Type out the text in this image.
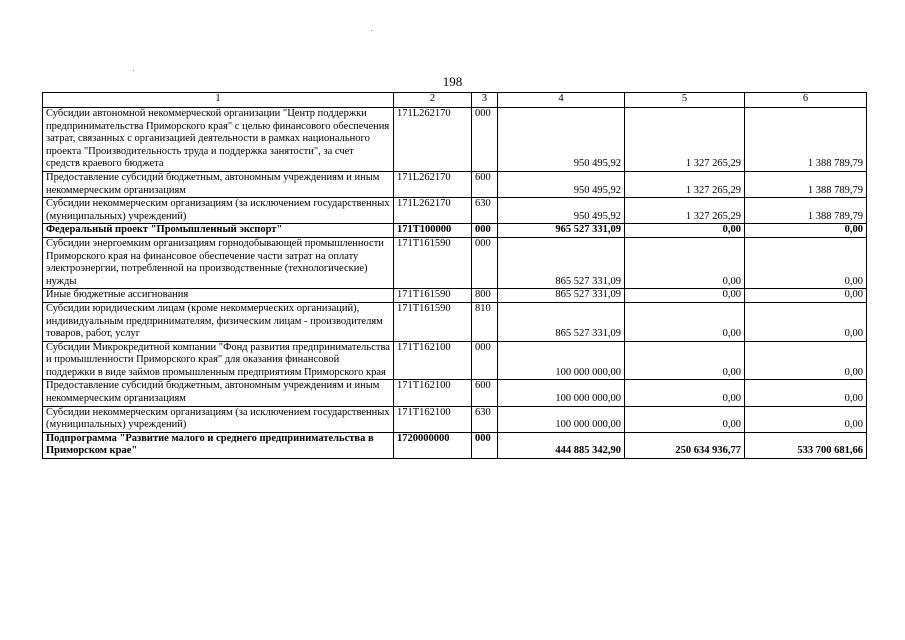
198
1	2	3	4	5	6
Субсидии автономной некоммерческой организации "Центр поддержки предпринимательства Приморского края" с целью финансового обеспечения затрат, связанных с организацией деятельности в рамках национального проекта "Производительность труда и поддержка занятости", за счет средств краевого бюджета	171L262170	000	950 495,92	1 327 265,29	1 388 789,79
Предоставление субсидий бюджетным, автономным учреждениям и иным некоммерческим организациям	171L262170	600	950 495,92	1 327 265,29	1 388 789,79
Субсидии некоммерческим организациям (за исключением государственных (муниципальных) учреждений)	171L262170	630	950 495,92	1 327 265,29	1 388 789,79
Федеральный проект "Промышленный экспорт"	171T100000	000	965 527 331,09	0,00	0,00
Субсидии энергоемким организациям горнодобывающей промышленности Приморского края на финансовое обеспечение части затрат на оплату электроэнергии, потребленной на производственные (технологические) нужды	171T161590	000	865 527 331,09	0,00	0,00
Иные бюджетные ассигнования	171T161590	800	865 527 331,09	0,00	0,00
Субсидии юридическим лицам (кроме некоммерческих организаций), индивидуальным предпринимателям, физическим лицам - производителям товаров, работ, услуг	171T161590	810	865 527 331,09	0,00	0,00
Субсидии Микрокредитной компании "Фонд развития предпринимательства и промышленности Приморского края" для оказания финансовой поддержки в виде займов промышленным предприятиям Приморского края	171T162100	000	100 000 000,00	0,00	0,00
Предоставление субсидий бюджетным, автономным учреждениям и иным некоммерческим организациям	171T162100	600	100 000 000,00	0,00	0,00
Субсидии некоммерческим организациям (за исключением государственных (муниципальных) учреждений)	171T162100	630	100 000 000,00	0,00	0,00
Подпрограмма "Развитие малого и среднего предпринимательства в Приморском крае"	1720000000	000	444 885 342,90	250 634 936,77	533 700 681,66
